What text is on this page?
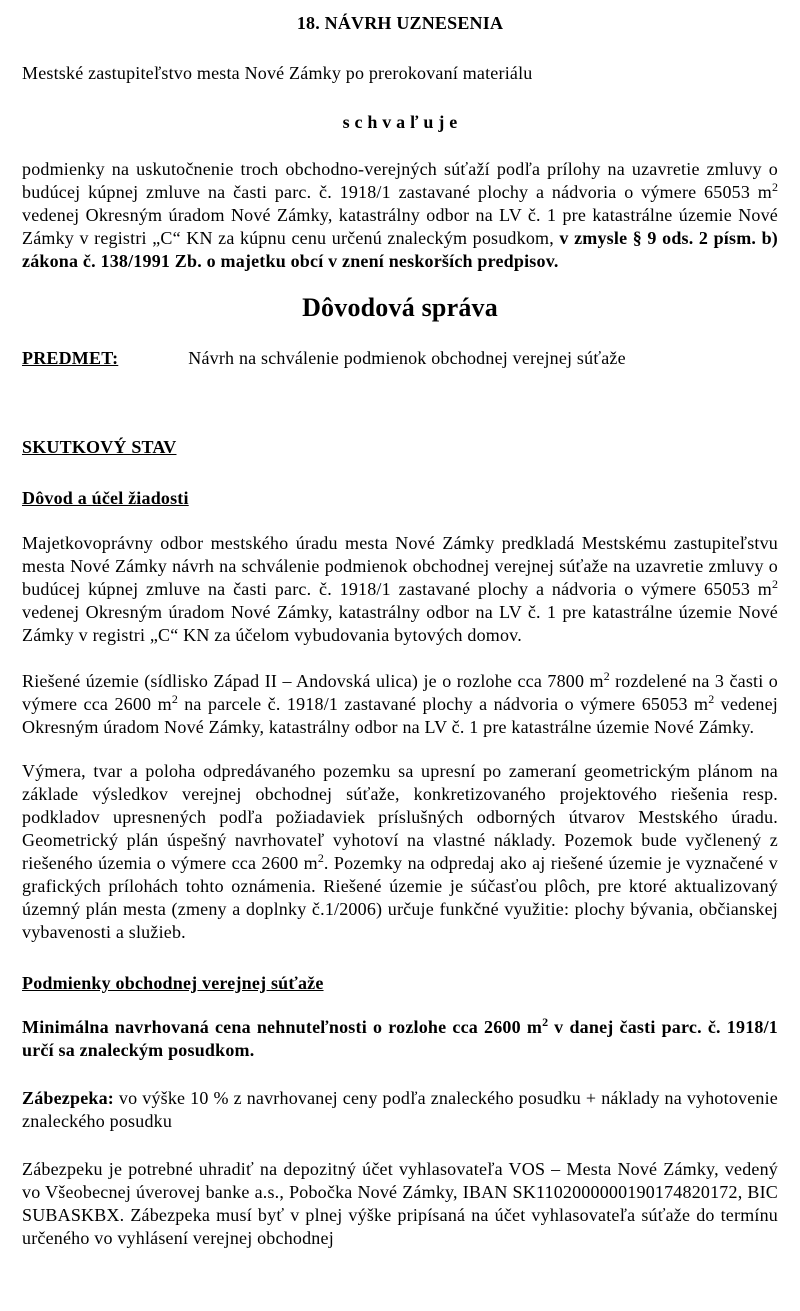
18. NÁVRH UZNESENIA
Mestské zastupiteľstvo mesta Nové Zámky po prerokovaní materiálu
s c h v a ľ u j e
podmienky na uskutočnenie troch obchodno-verejných súťaží podľa prílohy na uzavretie zmluvy o budúcej kúpnej zmluve na časti parc. č. 1918/1 zastavané plochy a nádvoria o výmere 65053 $m^2$ vedenej Okresným úradom Nové Zámky, katastrálny odbor na LV č. 1 pre katastrálne územie Nové Zámky v registri „C“ KN za kúpnu cenu určenú znaleckým posudkom, v zmysle § 9 ods. 2 písm. b) zákona č. 138/1991 Zb. o majetku obcí v znení neskorších predpisov.
Dôvodová správa
PREDMET:	Návrh na schválenie podmienok obchodnej verejnej súťaže
SKUTKOVÝ STAV
Dôvod a účel žiadosti
Majetkovoprávny odbor mestského úradu mesta Nové Zámky predkladá Mestskému zastupiteľstvu mesta Nové Zámky návrh na schválenie podmienok obchodnej verejnej súťaže na uzavretie zmluvy o budúcej kúpnej zmluve na časti parc. č. 1918/1 zastavané plochy a nádvoria o výmere 65053 $m^2$ vedenej Okresným úradom Nové Zámky, katastrálny odbor na LV č. 1 pre katastrálne územie Nové Zámky v registri „C“ KN za účelom vybudovania bytových domov.
Riešené územie (sídlisko Západ II – Andovská ulica) je o rozlohe cca 7800 $m^2$ rozdelené na 3 časti o výmere cca 2600 $m^2$ na parcele č. 1918/1 zastavané plochy a nádvoria o výmere 65053 $m^2$ vedenej Okresným úradom Nové Zámky, katastrálny odbor na LV č. 1 pre katastrálne územie Nové Zámky.
Výmera, tvar a poloha odpredávaného pozemku sa upresní po zameraní geometrickým plánom na základe výsledkov verejnej obchodnej súťaže, konkretizovaného projektového riešenia resp. podkladov upresnených podľa požiadaviek príslušných odborných útvarov Mestského úradu. Geometrický plán úspešný navrhovateľ vyhotoví na vlastné náklady. Pozemok bude vyčlenený z riešeného územia o výmere cca 2600 $m^2$. Pozemky na odpredaj ako aj riešené územie je vyznačené v grafických prílohách tohto oznámenia. Riešené územie je súčasťou plôch, pre ktoré aktualizovaný územný plán mesta (zmeny a doplnky č.1/2006) určuje funkčné využitie: plochy bývania, občianskej vybavenosti a služieb.
Podmienky obchodnej verejnej súťaže
Minimálna navrhovaná cena nehnuteľnosti o rozlohe cca 2600 $m^2$ v danej časti parc. č. 1918/1 určí sa znaleckým posudkom.
Zábezpeka: vo výške 10 % z navrhovanej ceny podľa znaleckého posudku + náklady na vyhotovenie znaleckého posudku
Zábezpeku je potrebné uhradiť na depozitný účet vyhlasovateľa VOS – Mesta Nové Zámky, vedený vo Všeobecnej úverovej banke a.s., Pobočka Nové Zámky, IBAN SK1102000000190174820172, BIC SUBASKBX. Zábezpeka musí byť v plnej výške pripísaná na účet vyhlasovateľa súťaže do termínu určeného vo vyhlásení verejnej obchodnej
